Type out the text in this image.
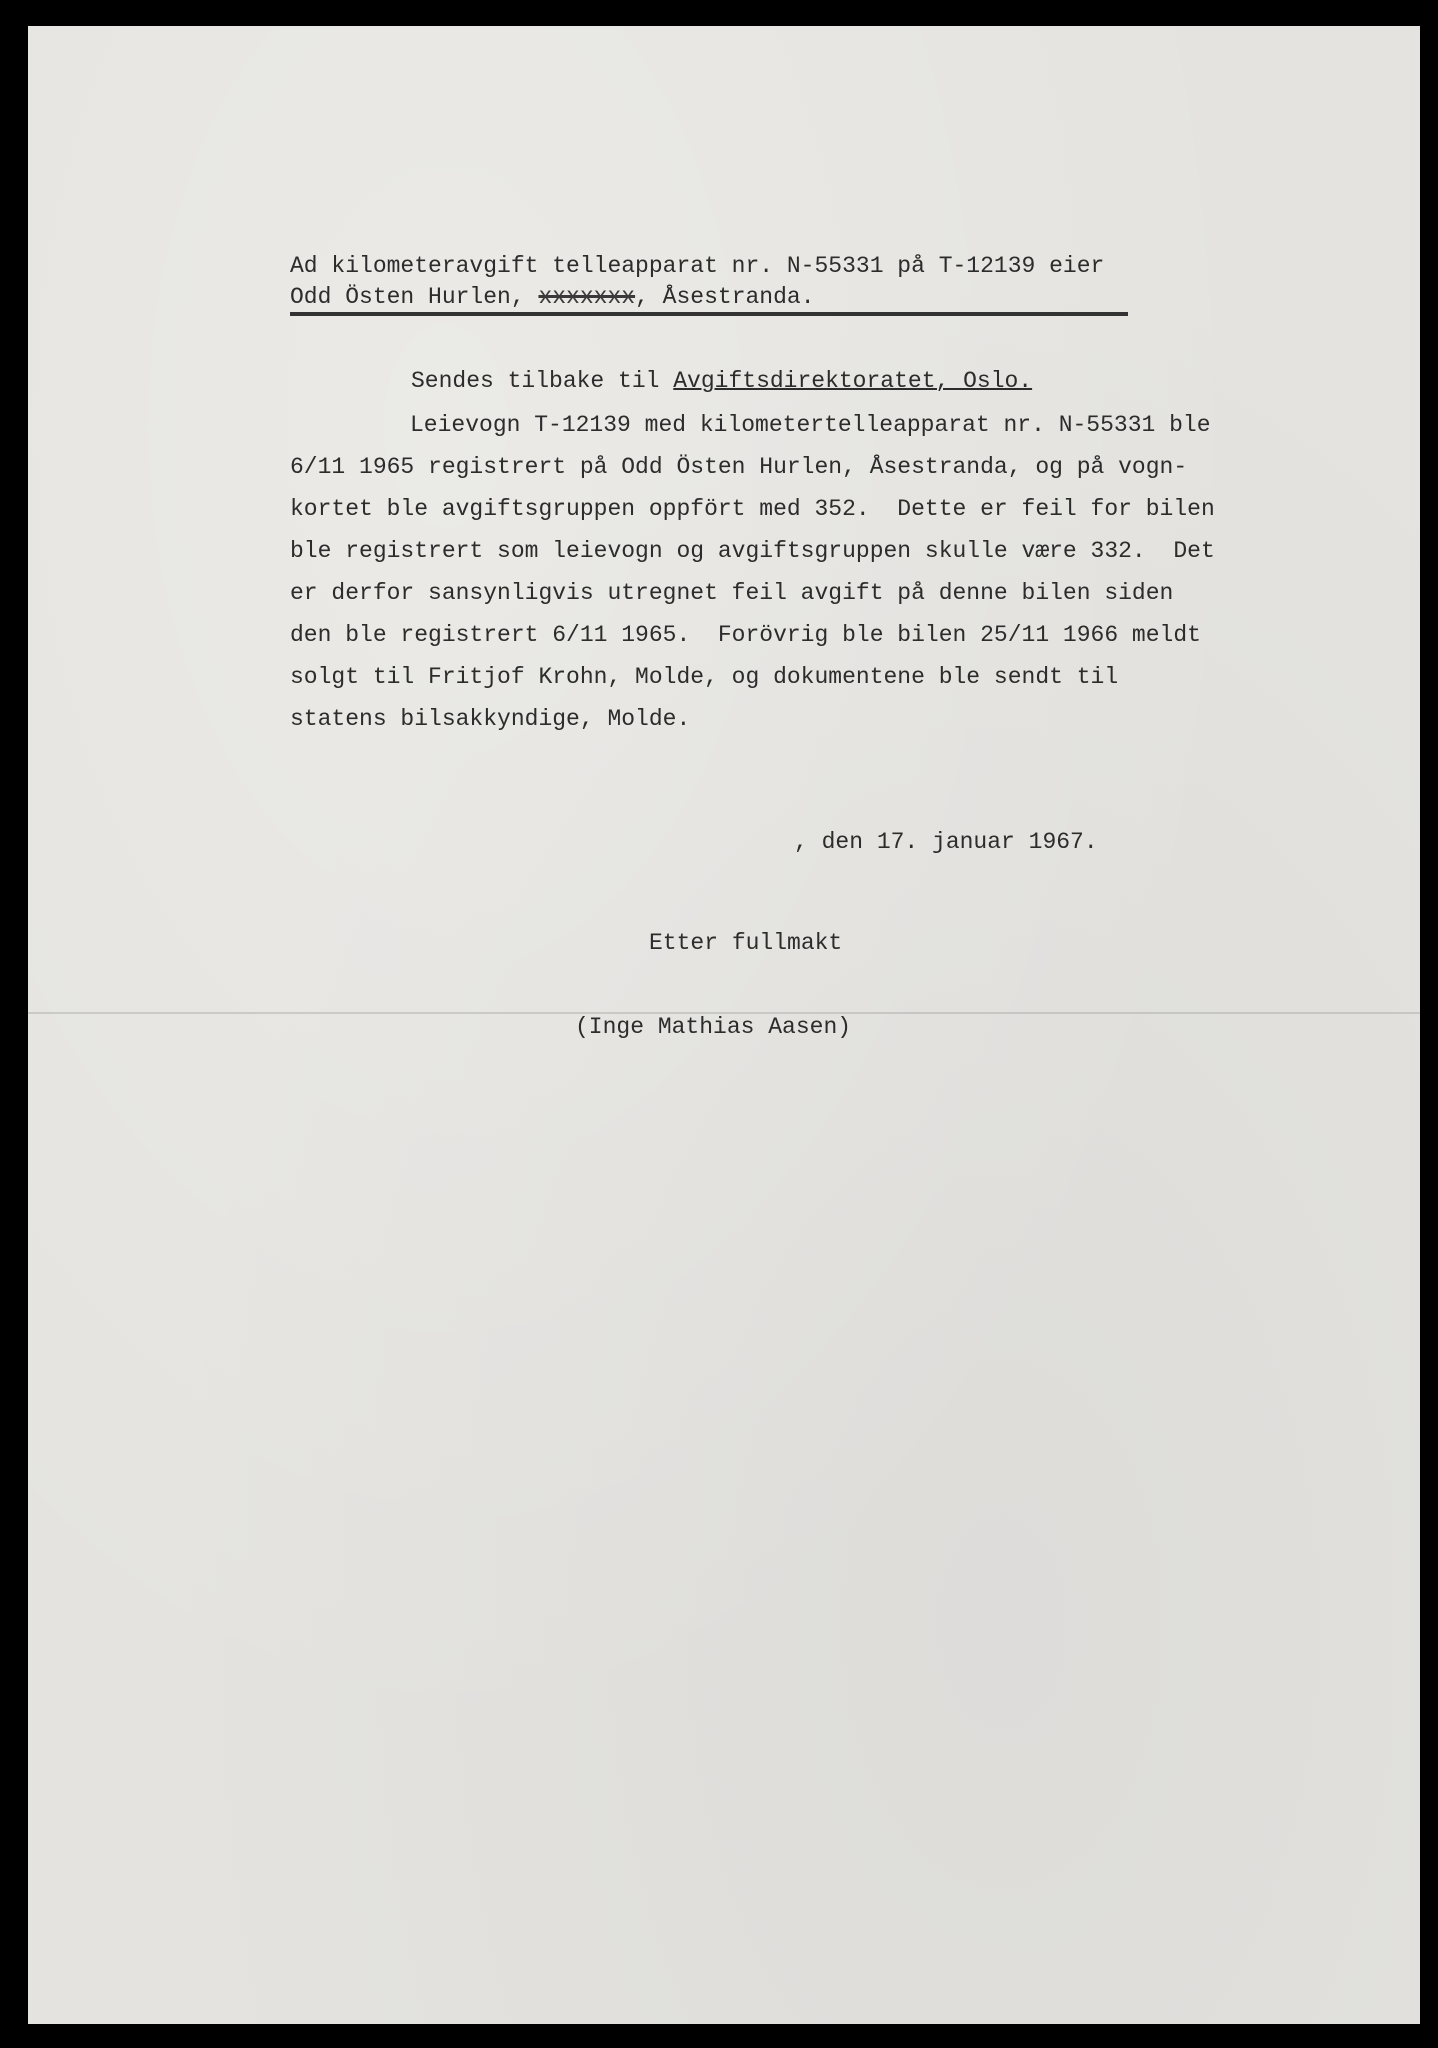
Ad kilometeravgift telleapparat nr. N-55331 på T-12139 eier
Odd Östen Hurlen, xxxxxxx, Åsestranda.
Sendes tilbake til Avgiftsdirektoratet, Oslo.
Leievogn T-12139 med kilometertelleapparat nr. N-55331 ble
6/11 1965 registrert på Odd Östen Hurlen, Åsestranda, og på vogn-
kortet ble avgiftsgruppen oppfört med 352.  Dette er feil for bilen
ble registrert som leievogn og avgiftsgruppen skulle være 332.  Det
er derfor sansynligvis utregnet feil avgift på denne bilen siden
den ble registrert 6/11 1965.  Forövrig ble bilen 25/11 1966 meldt
solgt til Fritjof Krohn, Molde, og dokumentene ble sendt til
statens bilsakkyndige, Molde.
, den 17. januar 1967.
Etter fullmakt
(Inge Mathias Aasen)
